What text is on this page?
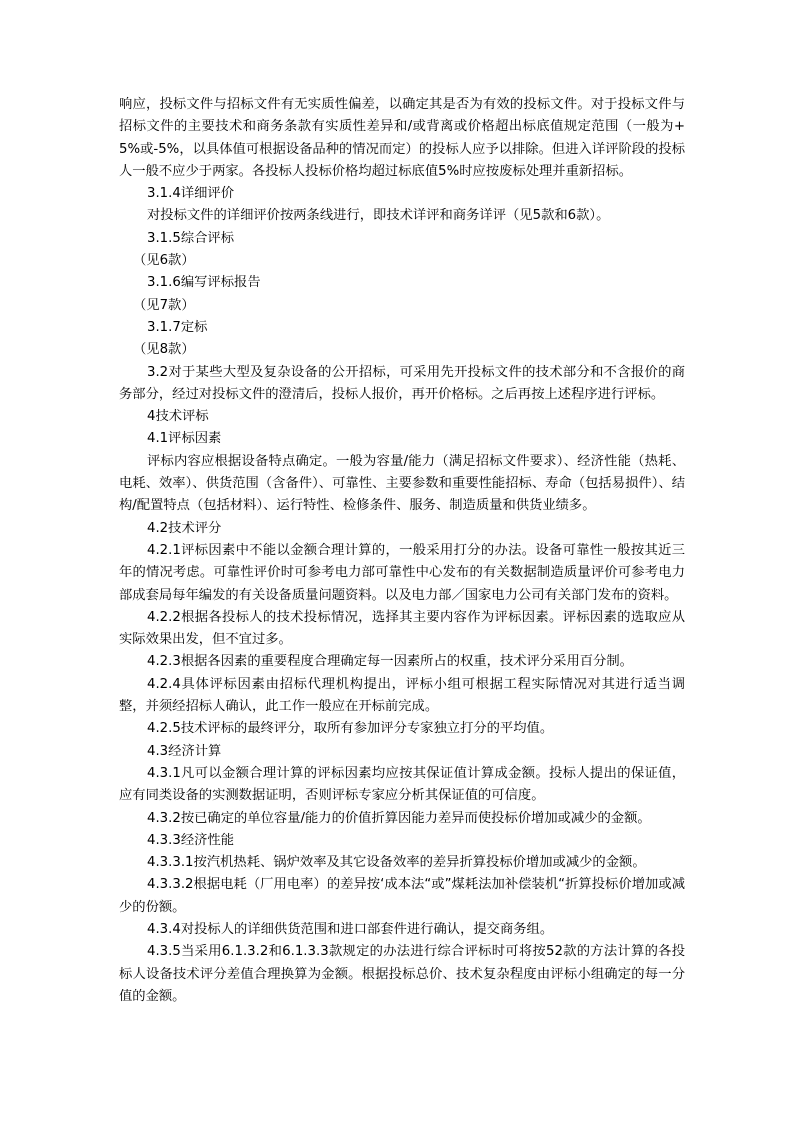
响应，投标文件与招标文件有无实质性偏差，以确定其是否为有效的投标文件。对于投标文件与招标文件的主要技术和商务条款有实质性差异和/或背离或价格超出标底值规定范围（一般为+5%或-5%，以具体值可根据设备品种的情况而定）的投标人应予以排除。但进入详评阶段的投标人一般不应少于两家。各投标人投标价格均超过标底值5%时应按废标处理并重新招标。

3.1.4详细评价

对投标文件的详细评价按两条线进行，即技术详评和商务详评（见5款和6款）。

3.1.5综合评标

（见6款）

3.1.6编写评标报告

（见7款）

3.1.7定标

（见8款）

3.2对于某些大型及复杂设备的公开招标，可采用先开投标文件的技术部分和不含报价的商务部分，经过对投标文件的澄清后，投标人报价，再开价格标。之后再按上述程序进行评标。

4技术评标

4.1评标因素

评标内容应根据设备特点确定。一般为容量/能力（满足招标文件要求）、经济性能（热耗、电耗、效率）、供货范围（含备件）、可靠性、主要参数和重要性能招标、寿命（包括易损件）、结构/配置特点（包括材料）、运行特性、检修条件、服务、制造质量和供货业绩多。

4.2技术评分

4.2.1评标因素中不能以金额合理计算的，一般采用打分的办法。设备可靠性一般按其近三年的情况考虑。可靠性评价时可参考电力部可靠性中心发布的有关数据制造质量评价可参考电力部成套局每年编发的有关设备质量问题资料。以及电力部／国家电力公司有关部门发布的资料。

4.2.2根据各投标人的技术投标情况，选择其主要内容作为评标因素。评标因素的选取应从实际效果出发，但不宜过多。

4.2.3根据各因素的重要程度合理确定每一因素所占的权重，技术评分采用百分制。

4.2.4具体评标因素由招标代理机构提出，评标小组可根据工程实际情况对其进行适当调整，并须经招标人确认，此工作一般应在开标前完成。

4.2.5技术评标的最终评分，取所有参加评分专家独立打分的平均值。

4.3经济计算

4.3.1凡可以金额合理计算的评标因素均应按其保证值计算成金额。投标人提出的保证值，应有同类设备的实测数据证明，否则评标专家应分析其保证值的可信度。

4.3.2按已确定的单位容量/能力的价值折算因能力差异而使投标价增加或减少的金额。

4.3.3经济性能

4.3.3.1按汽机热耗、锅炉效率及其它设备效率的差异折算投标价增加或减少的金额。

4.3.3.2根据电耗（厂用电率）的差异按‘成本法“或”煤耗法加补偿装机“折算投标价增加或减少的份额。

4.3.4对投标人的详细供货范围和进口部套件进行确认，提交商务组。

4.3.5当采用6.1.3.2和6.1.3.3款规定的办法进行综合评标时可将按52款的方法计算的各投标人设备技术评分差值合理换算为金额。根据投标总价、技术复杂程度由评标小组确定的每一分值的金额。
